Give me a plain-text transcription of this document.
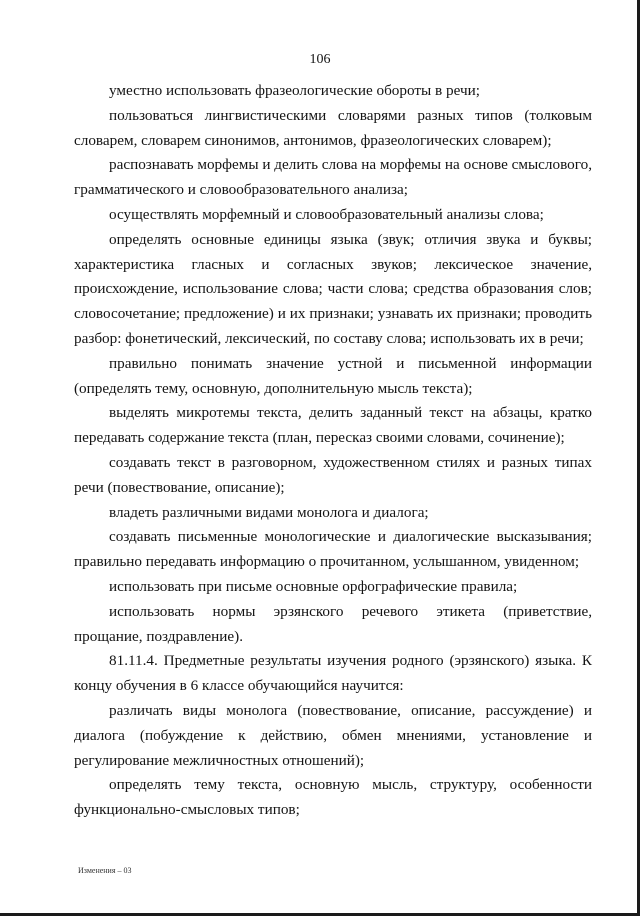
106

уместно использовать фразеологические обороты в речи;

пользоваться лингвистическими словарями разных типов (толковым словарем, словарем синонимов, антонимов, фразеологических словарем);

распознавать морфемы и делить слова на морфемы на основе смыслового, грамматического и словообразовательного анализа;

осуществлять морфемный и словообразовательный анализы слова;

определять основные единицы языка (звук; отличия звука и буквы; характеристика гласных и согласных звуков; лексическое значение, происхождение, использование слова; части слова; средства образования слов; словосочетание; предложение) и их признаки; узнавать их признаки; проводить разбор: фонетический, лексический, по составу слова; использовать их в речи;

правильно понимать значение устной и письменной информации (определять тему, основную, дополнительную мысль текста);

выделять микротемы текста, делить заданный текст на абзацы, кратко передавать содержание текста (план, пересказ своими словами, сочинение);

создавать текст в разговорном, художественном стилях и разных типах речи (повествование, описание);

владеть различными видами монолога и диалога;

создавать письменные монологические и диалогические высказывания; правильно передавать информацию о прочитанном, услышанном, увиденном;

использовать при письме основные орфографические правила;

использовать нормы эрзянского речевого этикета (приветствие, прощание, поздравление).

81.11.4. Предметные результаты изучения родного (эрзянского) языка. К концу обучения в 6 классе обучающийся научится:

различать виды монолога (повествование, описание, рассуждение) и диалога (побуждение к действию, обмен мнениями, установление и регулирование межличностных отношений);

определять тему текста, основную мысль, структуру, особенности функционально-смысловых типов;

Изменения – 03
